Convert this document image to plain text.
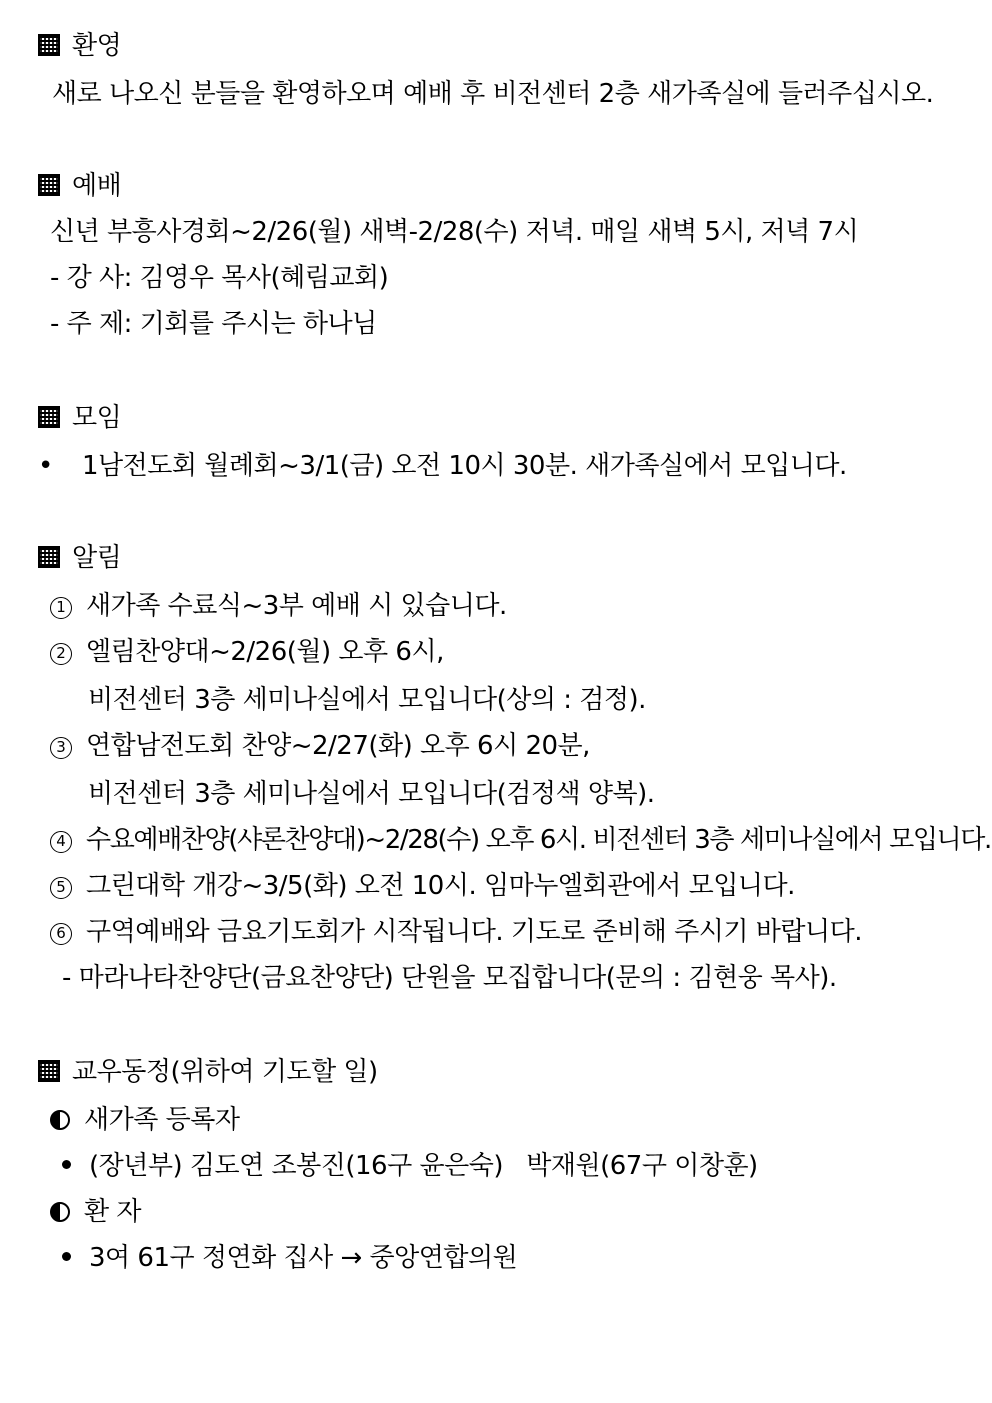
환영
새로 나오신 분들을 환영하오며 예배 후 비전센터 2층 새가족실에 들러주십시오.
예배
신년 부흥사경회~2/26(월) 새벽-2/28(수) 저녁. 매일 새벽 5시, 저녁 7시
- 강 사: 김영우 목사(혜림교회)
- 주 제: 기회를 주시는 하나님
모임
• 1남전도회 월례회~3/1(금) 오전 10시 30분. 새가족실에서 모입니다.
알림
1 새가족 수료식~3부 예배 시 있습니다.
2 엘림찬양대~2/26(월) 오후 6시,
비전센터 3층 세미나실에서 모입니다(상의 : 검정).
3 연합남전도회 찬양~2/27(화) 오후 6시 20분,
비전센터 3층 세미나실에서 모입니다(검정색 양복).
4 수요예배찬양(샤론찬양대)~2/28(수) 오후 6시. 비전센터 3층 세미나실에서 모입니다.
5 그린대학 개강~3/5(화) 오전 10시. 임마누엘회관에서 모입니다.
6 구역예배와 금요기도회가 시작됩니다. 기도로 준비해 주시기 바랍니다.
- 마라나타찬양단(금요찬양단) 단원을 모집합니다(문의 : 김현웅 목사).
교우동정(위하여 기도할 일)
새가족 등록자
(장년부) 김도연 조봉진(16구 윤은숙)   박재원(67구 이창훈)
환 자
3여 61구 정연화 집사 → 중앙연합의원
